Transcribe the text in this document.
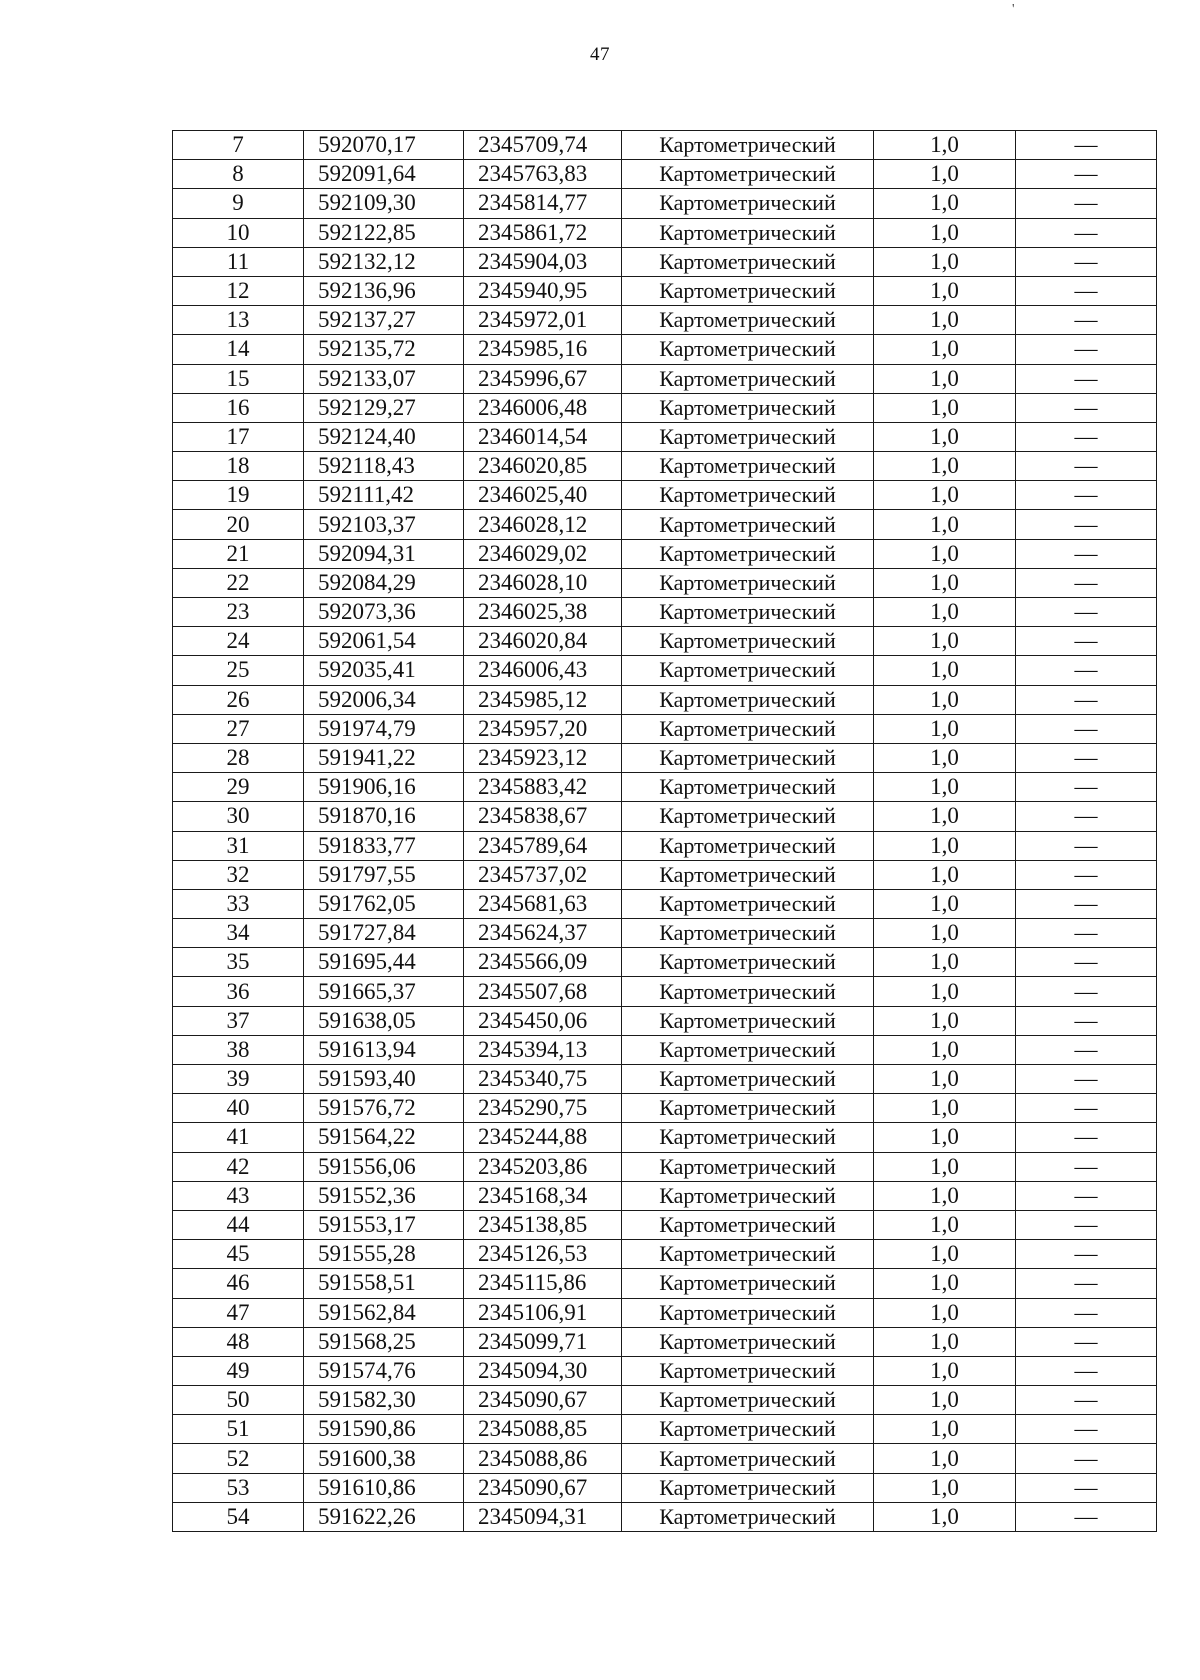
'
47
7	592070,17	2345709,74	Картометрический	1,0	—
8	592091,64	2345763,83	Картометрический	1,0	—
9	592109,30	2345814,77	Картометрический	1,0	—
10	592122,85	2345861,72	Картометрический	1,0	—
11	592132,12	2345904,03	Картометрический	1,0	—
12	592136,96	2345940,95	Картометрический	1,0	—
13	592137,27	2345972,01	Картометрический	1,0	—
14	592135,72	2345985,16	Картометрический	1,0	—
15	592133,07	2345996,67	Картометрический	1,0	—
16	592129,27	2346006,48	Картометрический	1,0	—
17	592124,40	2346014,54	Картометрический	1,0	—
18	592118,43	2346020,85	Картометрический	1,0	—
19	592111,42	2346025,40	Картометрический	1,0	—
20	592103,37	2346028,12	Картометрический	1,0	—
21	592094,31	2346029,02	Картометрический	1,0	—
22	592084,29	2346028,10	Картометрический	1,0	—
23	592073,36	2346025,38	Картометрический	1,0	—
24	592061,54	2346020,84	Картометрический	1,0	—
25	592035,41	2346006,43	Картометрический	1,0	—
26	592006,34	2345985,12	Картометрический	1,0	—
27	591974,79	2345957,20	Картометрический	1,0	—
28	591941,22	2345923,12	Картометрический	1,0	—
29	591906,16	2345883,42	Картометрический	1,0	—
30	591870,16	2345838,67	Картометрический	1,0	—
31	591833,77	2345789,64	Картометрический	1,0	—
32	591797,55	2345737,02	Картометрический	1,0	—
33	591762,05	2345681,63	Картометрический	1,0	—
34	591727,84	2345624,37	Картометрический	1,0	—
35	591695,44	2345566,09	Картометрический	1,0	—
36	591665,37	2345507,68	Картометрический	1,0	—
37	591638,05	2345450,06	Картометрический	1,0	—
38	591613,94	2345394,13	Картометрический	1,0	—
39	591593,40	2345340,75	Картометрический	1,0	—
40	591576,72	2345290,75	Картометрический	1,0	—
41	591564,22	2345244,88	Картометрический	1,0	—
42	591556,06	2345203,86	Картометрический	1,0	—
43	591552,36	2345168,34	Картометрический	1,0	—
44	591553,17	2345138,85	Картометрический	1,0	—
45	591555,28	2345126,53	Картометрический	1,0	—
46	591558,51	2345115,86	Картометрический	1,0	—
47	591562,84	2345106,91	Картометрический	1,0	—
48	591568,25	2345099,71	Картометрический	1,0	—
49	591574,76	2345094,30	Картометрический	1,0	—
50	591582,30	2345090,67	Картометрический	1,0	—
51	591590,86	2345088,85	Картометрический	1,0	—
52	591600,38	2345088,86	Картометрический	1,0	—
53	591610,86	2345090,67	Картометрический	1,0	—
54	591622,26	2345094,31	Картометрический	1,0	—
